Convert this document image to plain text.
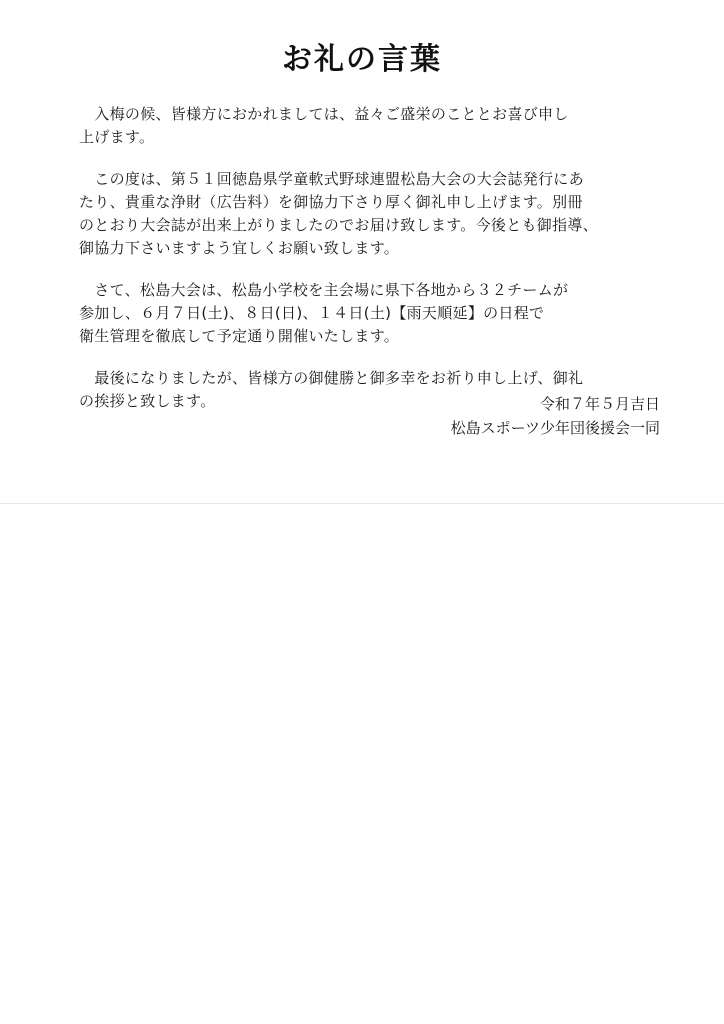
お礼の言葉

　入梅の候、皆様方におかれましては、益々ご盛栄のこととお喜び申し
上げます。

　この度は、第５１回徳島県学童軟式野球連盟松島大会の大会誌発行にあ
たり、貴重な浄財（広告料）を御協力下さり厚く御礼申し上げます。別冊
のとおり大会誌が出来上がりましたのでお届け致します。今後とも御指導、
御協力下さいますよう宜しくお願い致します。

　さて、松島大会は、松島小学校を主会場に県下各地から３２チームが
参加し、６月７日(土)、８日(日)、１４日(土)【雨天順延】の日程で
衛生管理を徹底して予定通り開催いたします。

　最後になりましたが、皆様方の御健勝と御多幸をお祈り申し上げ、御礼
の挨拶と致します。	令和７年５月吉日
松島スポーツ少年団後援会一同
